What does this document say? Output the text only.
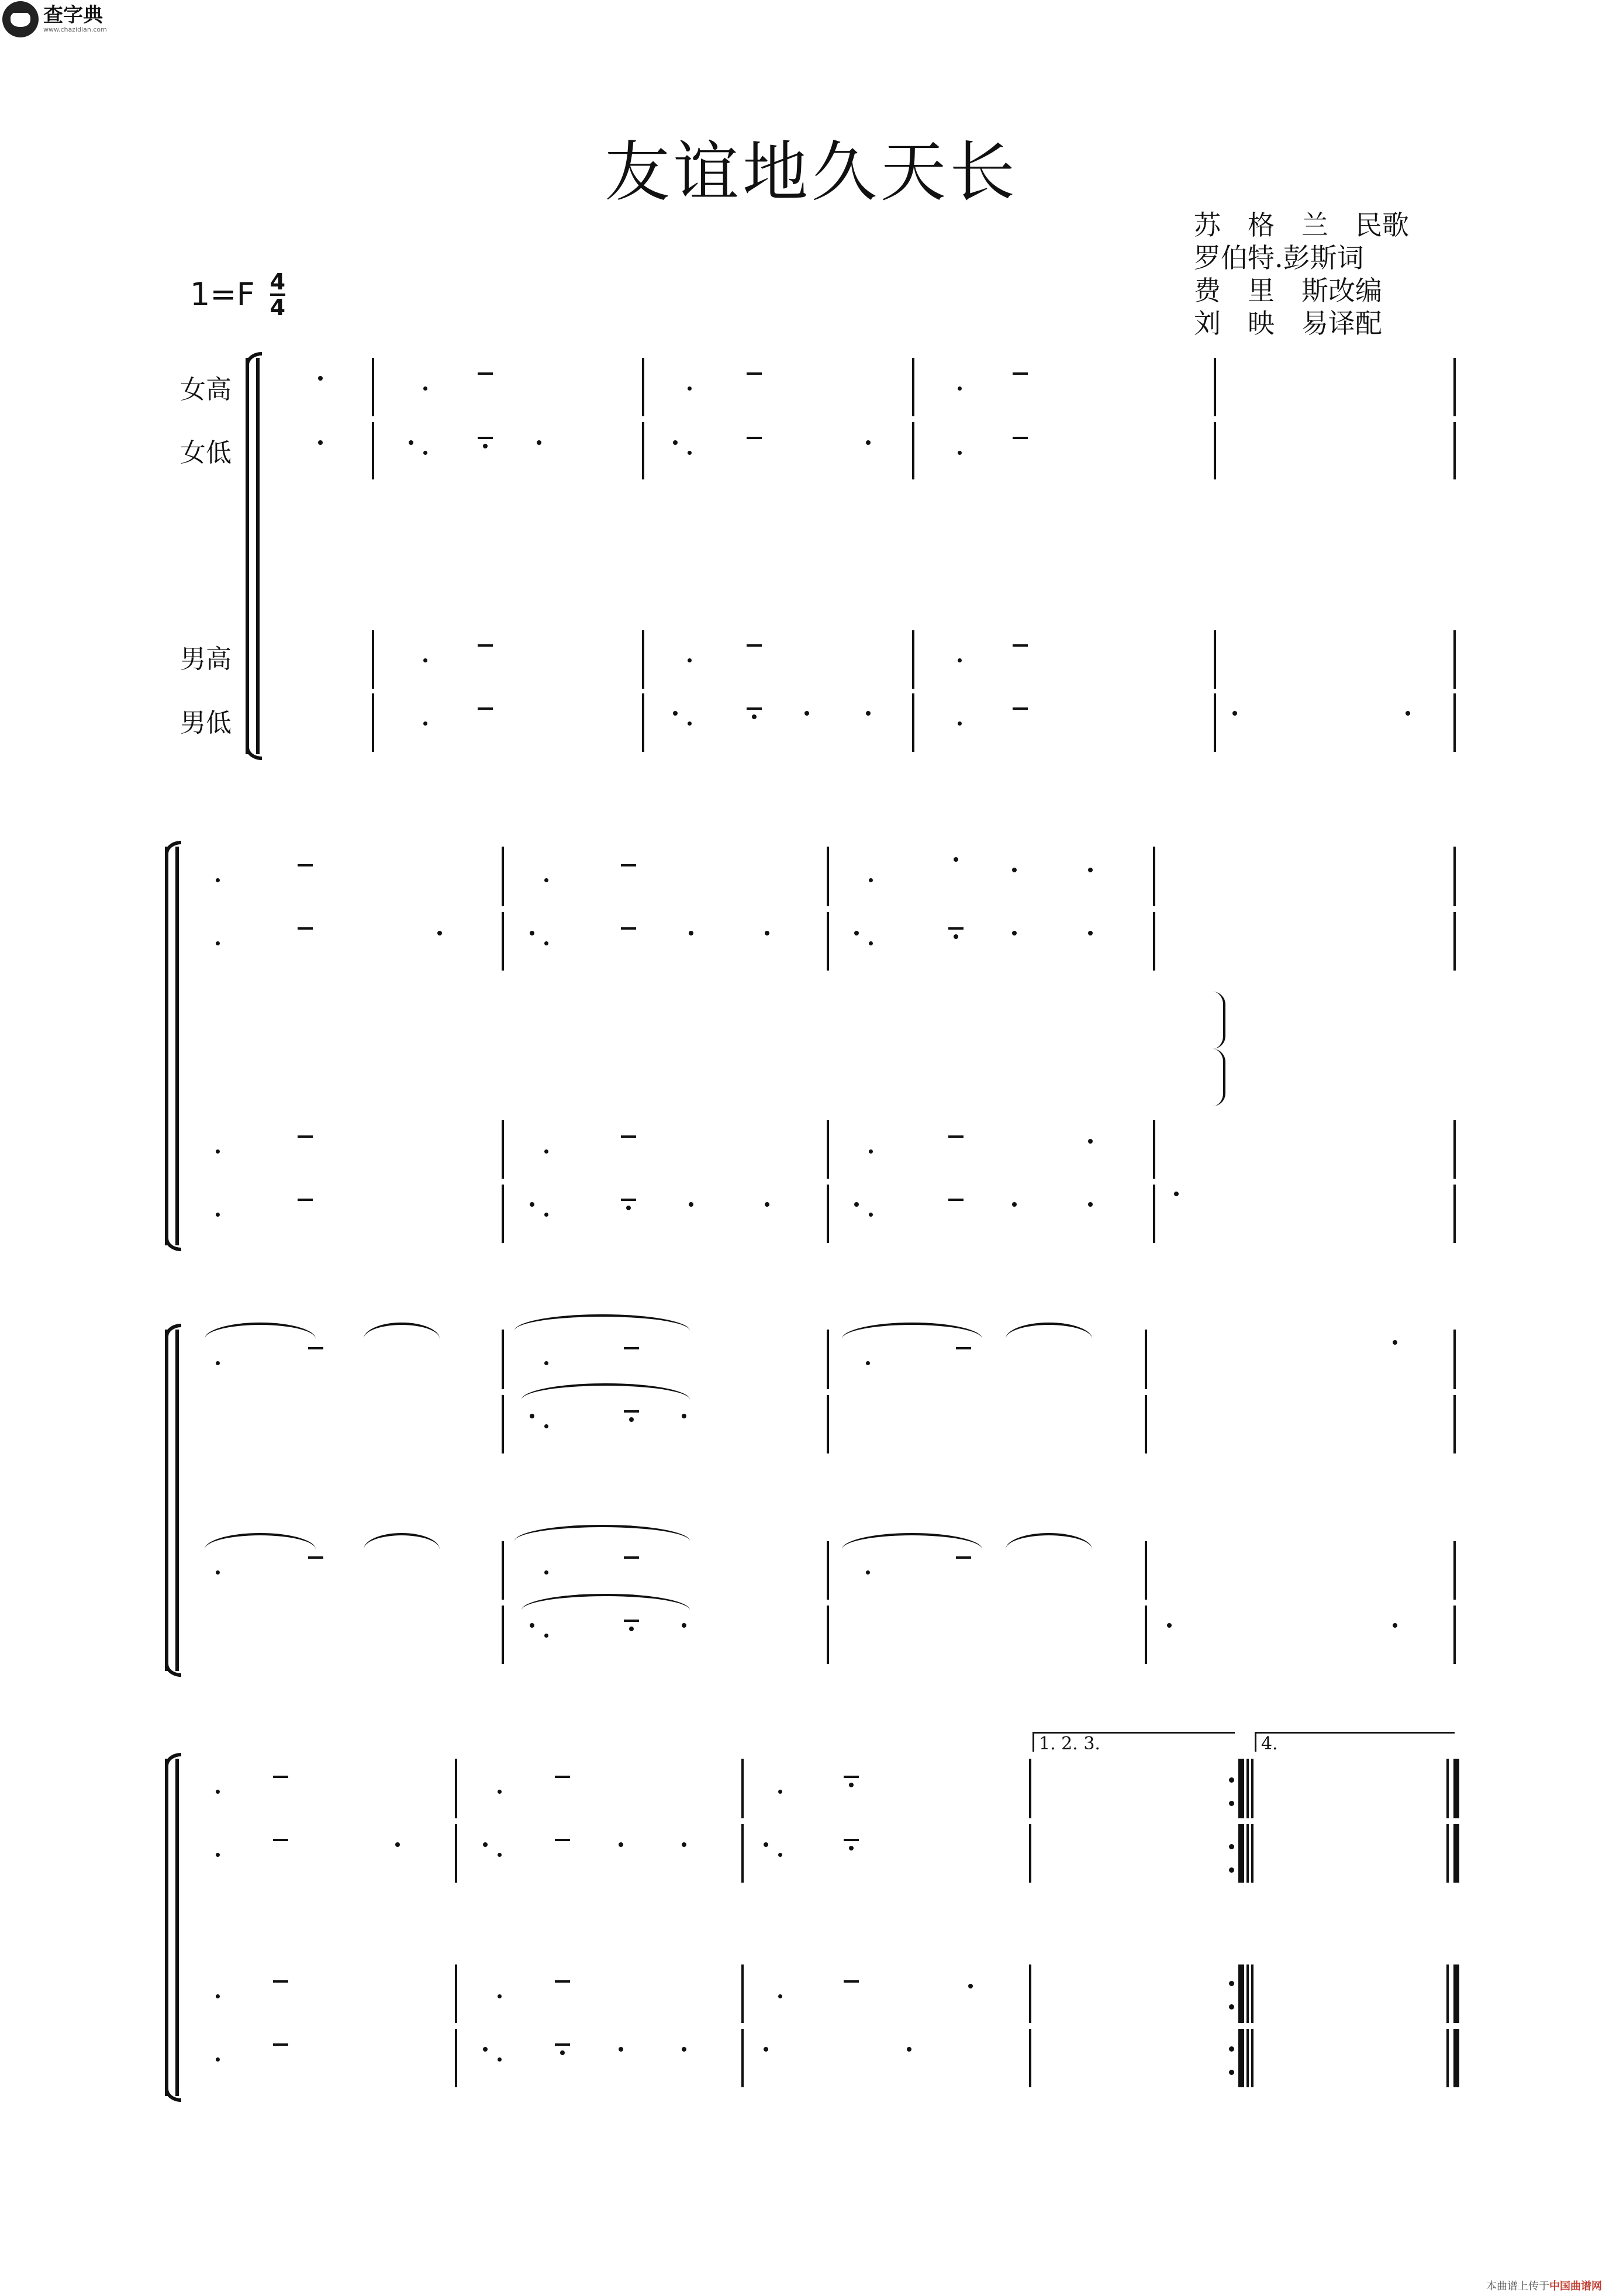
查字典
www.chazidian.com
友谊地久天长
苏　格　兰　民歌
罗伯特.彭斯词
费　里　斯改编
刘　映　易译配
$1=F \frac{4}{4}$
女高
女低
男高
男低
1. 2. 3.	4.
本曲谱上传于中国曲谱网
